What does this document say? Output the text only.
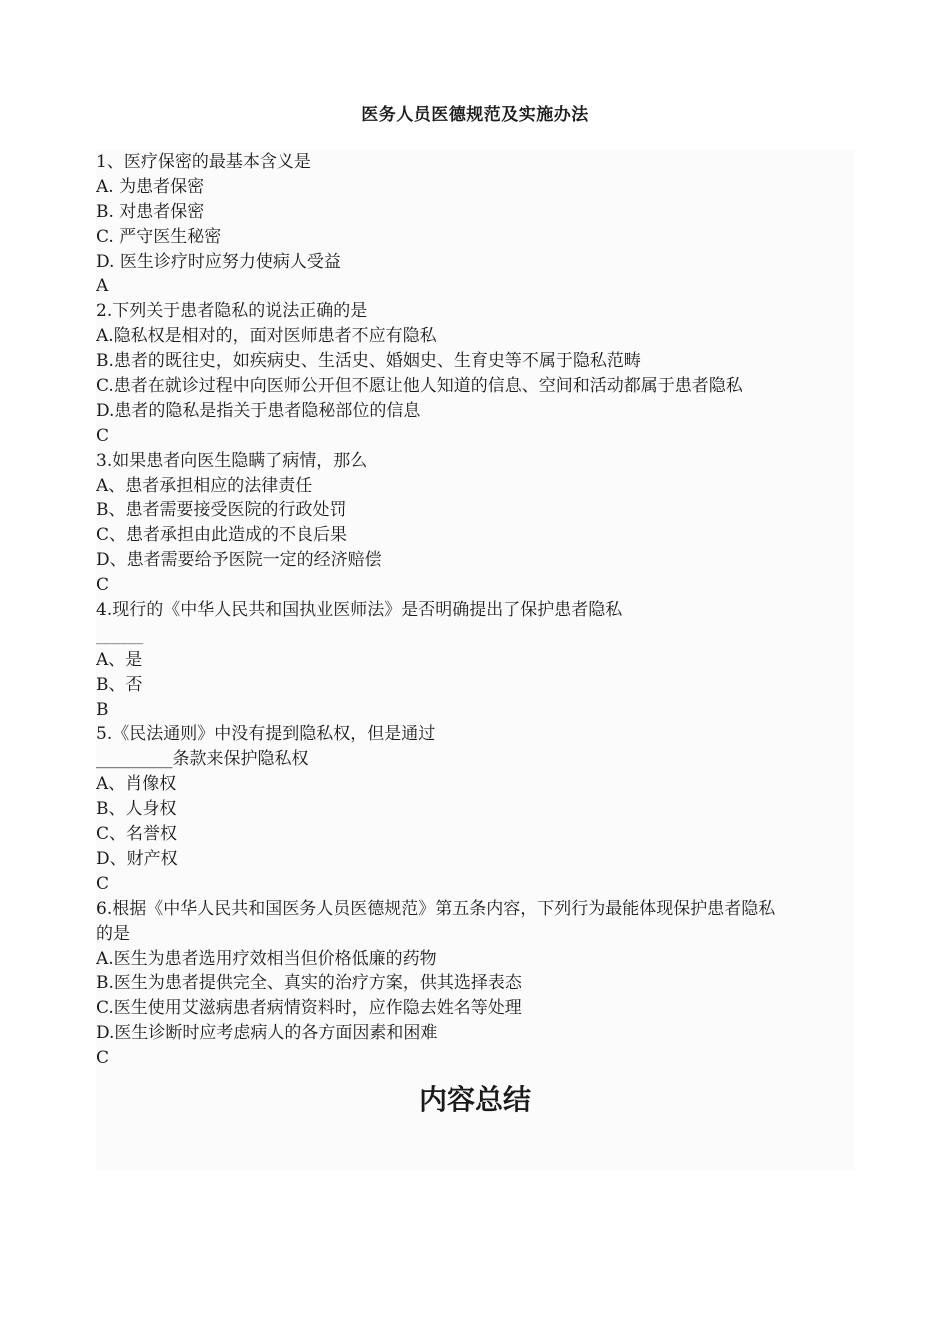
医务人员医德规范及实施办法
1、医疗保密的最基本含义是
A. 为患者保密
B. 对患者保密
C. 严守医生秘密
D. 医生诊疗时应努力使病人受益
A
2.下列关于患者隐私的说法正确的是
A.隐私权是相对的，面对医师患者不应有隐私
B.患者的既往史，如疾病史、生活史、婚姻史、生育史等不属于隐私范畴
C.患者在就诊过程中向医师公开但不愿让他人知道的信息、空间和活动都属于患者隐私
D.患者的隐私是指关于患者隐秘部位的信息
C
3.如果患者向医生隐瞒了病情，那么
A、患者承担相应的法律责任
B、患者需要接受医院的行政处罚
C、患者承担由此造成的不良后果
D、患者需要给予医院一定的经济赔偿
C
4.现行的《中华人民共和国执业医师法》是否明确提出了保护患者隐私
_____
A、是
B、否
B
5.《民法通则》中没有提到隐私权，但是通过
_________条款来保护隐私权
A、肖像权
B、人身权
C、名誉权
D、财产权
C
6.根据《中华人民共和国医务人员医德规范》第五条内容，下列行为最能体现保护患者隐私
的是
A.医生为患者选用疗效相当但价格低廉的药物
B.医生为患者提供完全、真实的治疗方案，供其选择表态
C.医生使用艾滋病患者病情资料时，应作隐去姓名等处理
D.医生诊断时应考虑病人的各方面因素和困难
C
内容总结
